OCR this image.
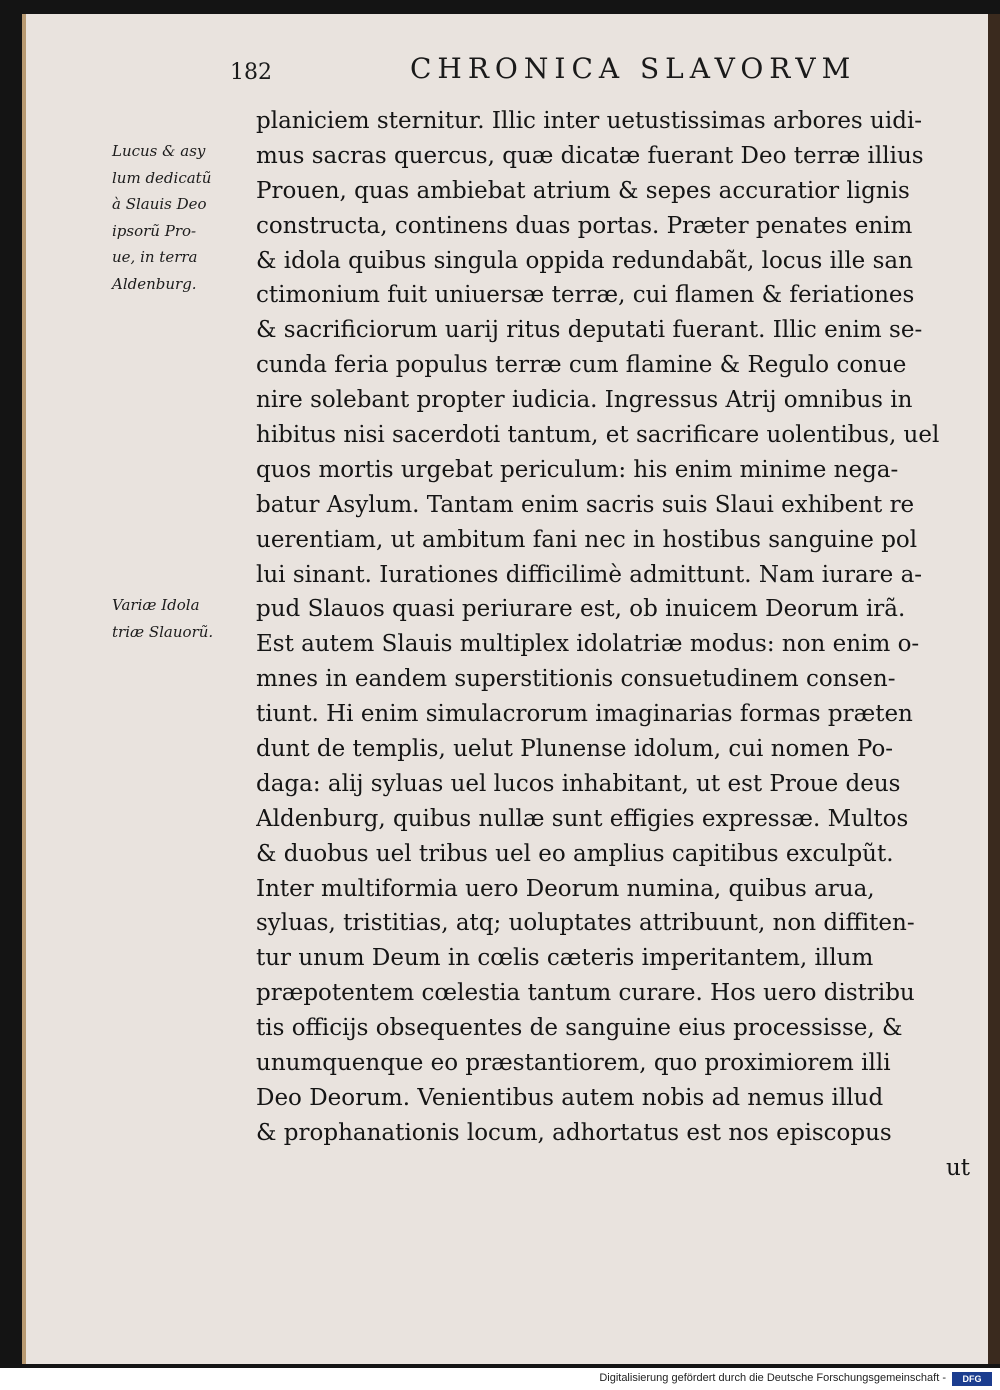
182	CHRONICA SLAVORVM
Lucus & asy
lum dedicatũ
à Slauis Deo
ipsorũ Pro-
ue, in terra
Aldenburg.
Variæ Idola
triæ Slauorũ.
planiciem sternitur. Illic inter uetustissimas arbores uidi-
mus sacras quercus, quæ dicatæ fuerant Deo terræ illius
Prouen, quas ambiebat atrium & sepes accuratior lignis
constructa, continens duas portas. Præter penates enim
& idola quibus singula oppida redundabãt, locus ille san
ctimonium fuit uniuersæ terræ, cui flamen & feriationes
& sacrificiorum uarij ritus deputati fuerant. Illic enim se-
cunda feria populus terræ cum flamine & Regulo conue
nire solebant propter iudicia. Ingressus Atrij omnibus in
hibitus nisi sacerdoti tantum, et sacrificare uolentibus, uel
quos mortis urgebat periculum: his enim minime nega-
batur Asylum. Tantam enim sacris suis Slaui exhibent re
uerentiam, ut ambitum fani nec in hostibus sanguine pol
lui sinant. Iurationes difficilimè admittunt. Nam iurare a-
pud Slauos quasi periurare est, ob inuicem Deorum irã.
Est autem Slauis multiplex idolatriæ modus: non enim o-
mnes in eandem superstitionis consuetudinem consen-
tiunt. Hi enim simulacrorum imaginarias formas præten
dunt de templis, uelut Plunense idolum, cui nomen Po-
daga: alij syluas uel lucos inhabitant, ut est Proue deus
Aldenburg, quibus nullæ sunt effigies expressæ. Multos
& duobus uel tribus uel eo amplius capitibus exculpũt.
Inter multiformia uero Deorum numina, quibus arua,
syluas, tristitias, atq; uoluptates attribuunt, non diffiten-
tur unum Deum in cœlis cæteris imperitantem, illum
præpotentem cœlestia tantum curare. Hos uero distribu
tis officijs obsequentes de sanguine eius processisse, &
unumquenque eo præstantiorem, quo proximiorem illi
Deo Deorum. Venientibus autem nobis ad nemus illud
& prophanationis locum, adhortatus est nos episcopus
ut
Digitalisierung gefördert durch die Deutsche Forschungsgemeinschaft -	DFG
